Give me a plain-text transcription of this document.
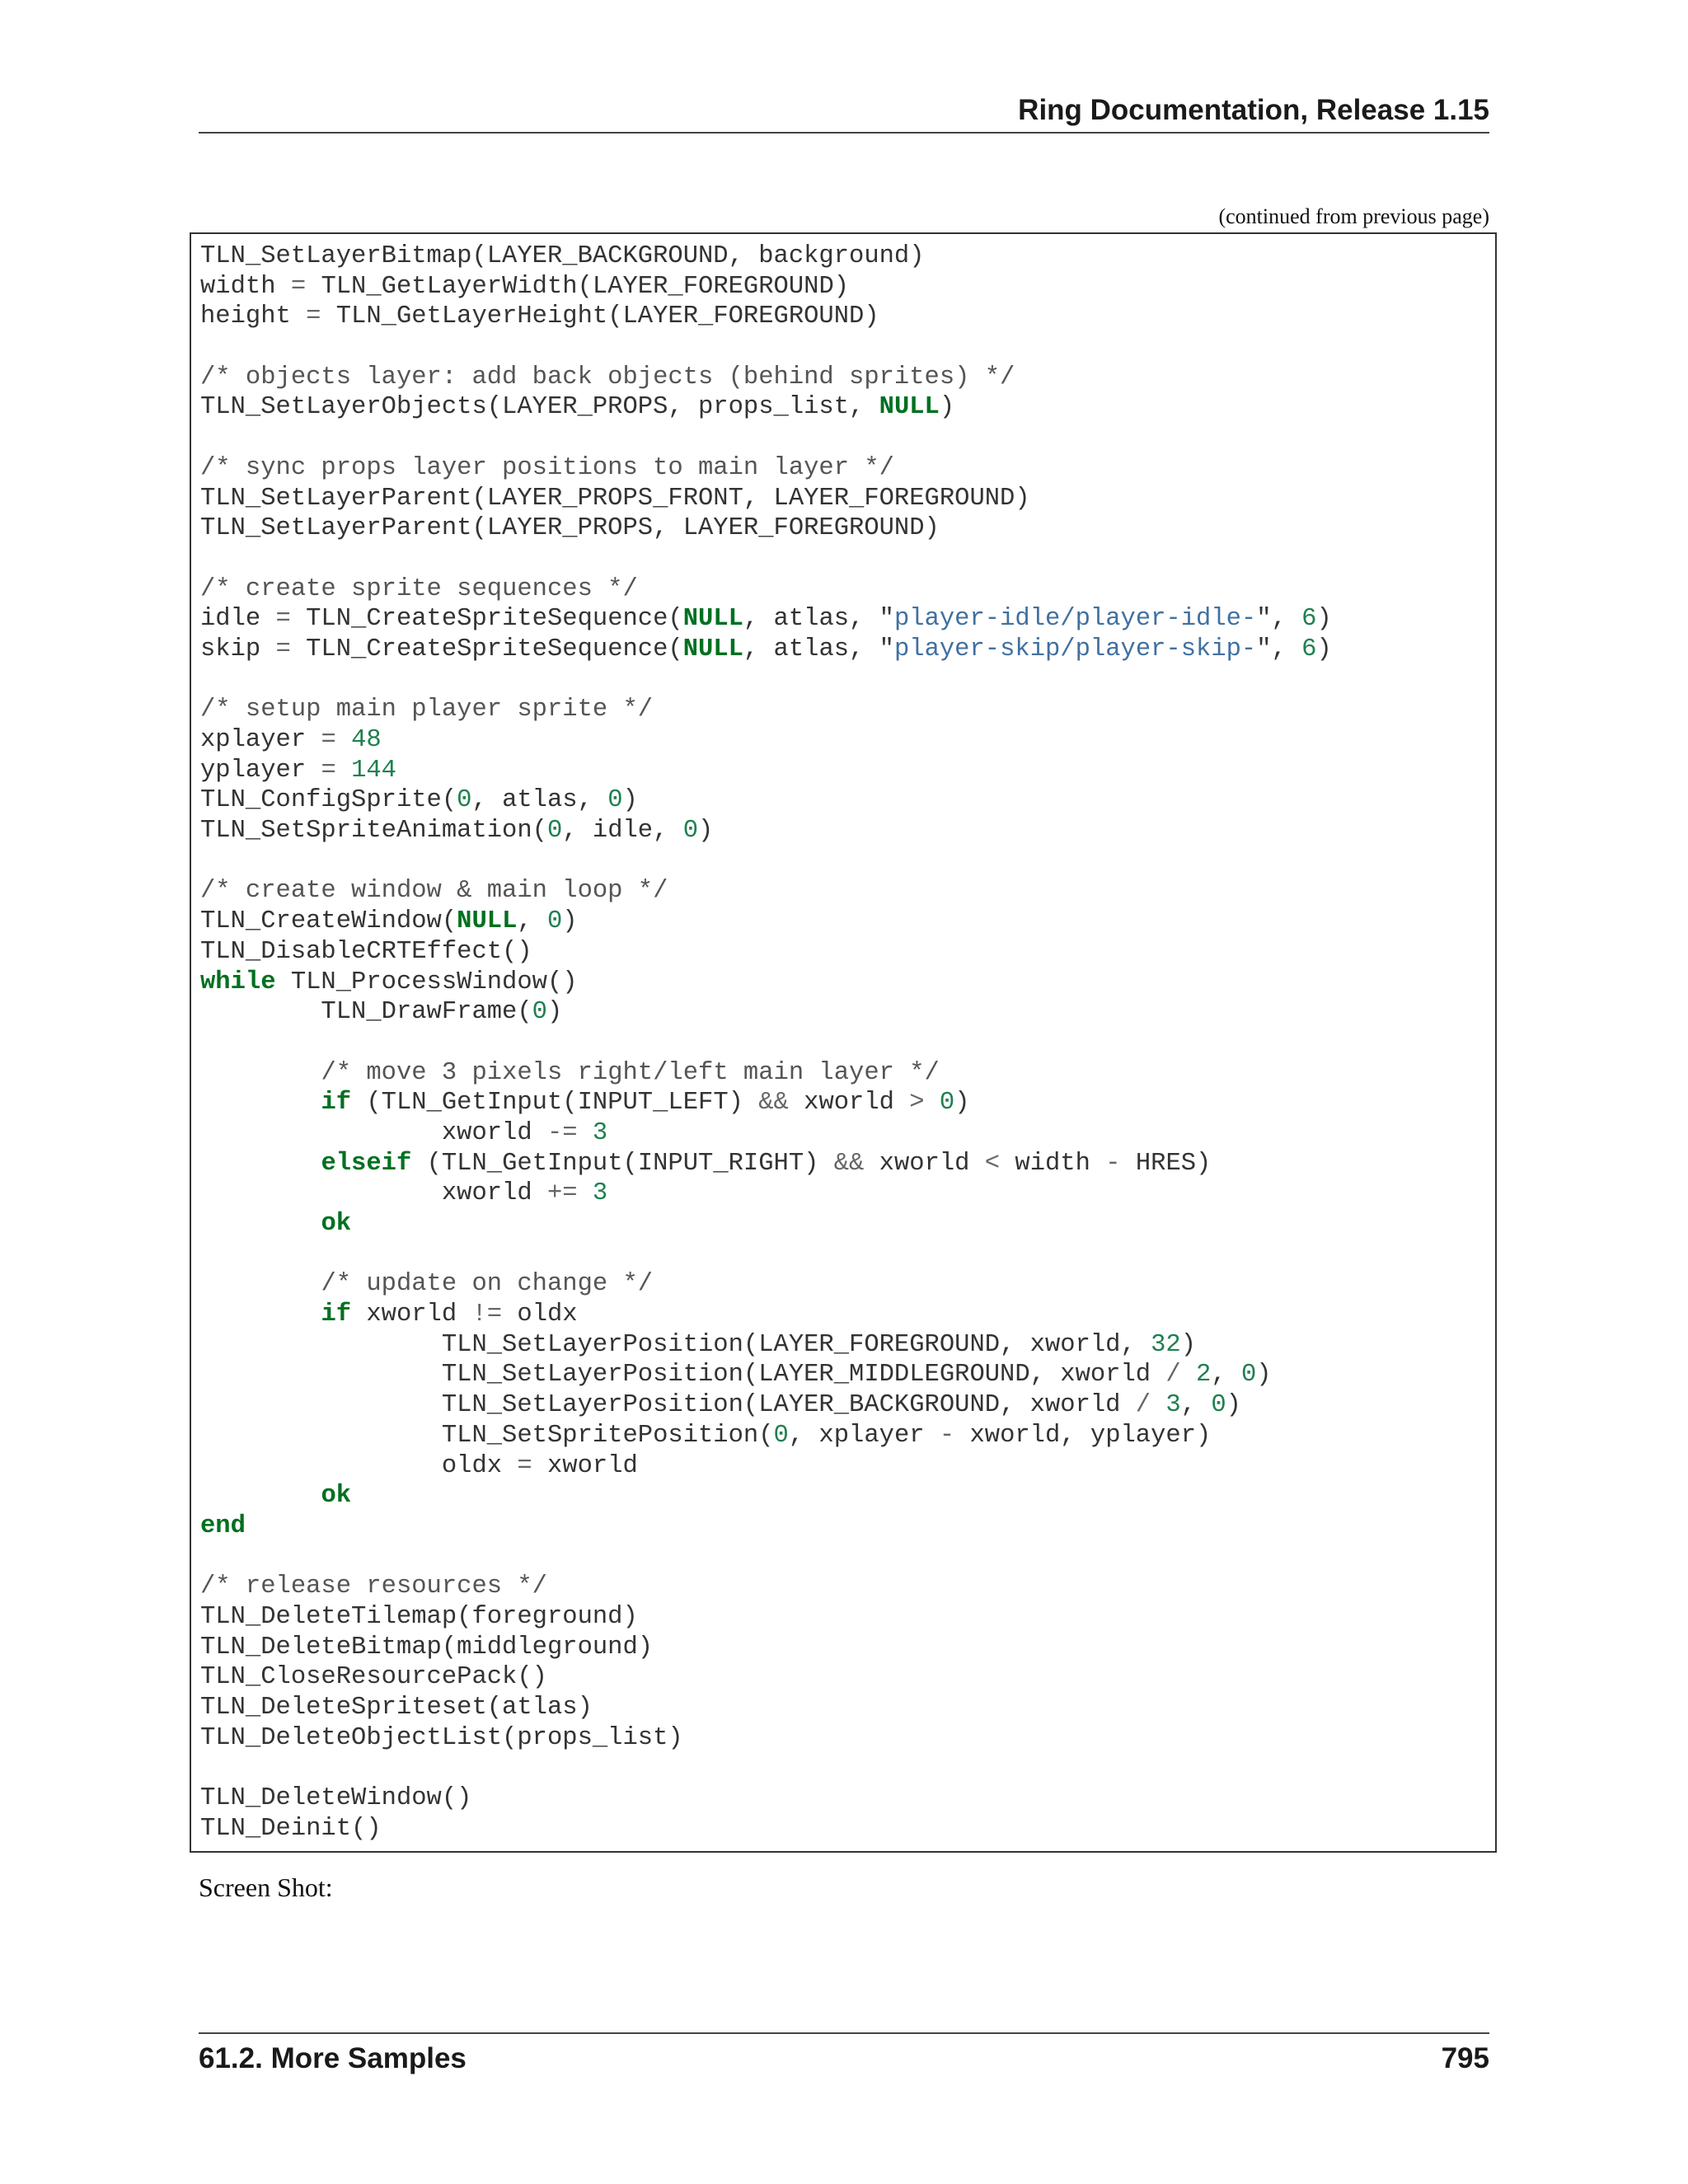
Ring Documentation, Release 1.15
(continued from previous page)
TLN_SetLayerBitmap(LAYER_BACKGROUND, background)
width = TLN_GetLayerWidth(LAYER_FOREGROUND)
height = TLN_GetLayerHeight(LAYER_FOREGROUND)
/* objects layer: add back objects (behind sprites) */
TLN_SetLayerObjects(LAYER_PROPS, props_list, NULL)
/* sync props layer positions to main layer */
TLN_SetLayerParent(LAYER_PROPS_FRONT, LAYER_FOREGROUND)
TLN_SetLayerParent(LAYER_PROPS, LAYER_FOREGROUND)
/* create sprite sequences */
idle = TLN_CreateSpriteSequence(NULL, atlas, "player-idle/player-idle-", 6)
skip = TLN_CreateSpriteSequence(NULL, atlas, "player-skip/player-skip-", 6)
/* setup main player sprite */
xplayer = 48
yplayer = 144
TLN_ConfigSprite(0, atlas, 0)
TLN_SetSpriteAnimation(0, idle, 0)
/* create window & main loop */
TLN_CreateWindow(NULL, 0)
TLN_DisableCRTEffect()
while TLN_ProcessWindow()
TLN_DrawFrame(0)
/* move 3 pixels right/left main layer */
if (TLN_GetInput(INPUT_LEFT) && xworld > 0)
xworld -= 3
elseif (TLN_GetInput(INPUT_RIGHT) && xworld < width - HRES)
xworld += 3
ok
/* update on change */
if xworld != oldx
TLN_SetLayerPosition(LAYER_FOREGROUND, xworld, 32)
TLN_SetLayerPosition(LAYER_MIDDLEGROUND, xworld / 2, 0)
TLN_SetLayerPosition(LAYER_BACKGROUND, xworld / 3, 0)
TLN_SetSpritePosition(0, xplayer - xworld, yplayer)
oldx = xworld
ok
end
/* release resources */
TLN_DeleteTilemap(foreground)
TLN_DeleteBitmap(middleground)
TLN_CloseResourcePack()
TLN_DeleteSpriteset(atlas)
TLN_DeleteObjectList(props_list)
TLN_DeleteWindow()
TLN_Deinit()
Screen Shot:
61.2. More Samples	795
